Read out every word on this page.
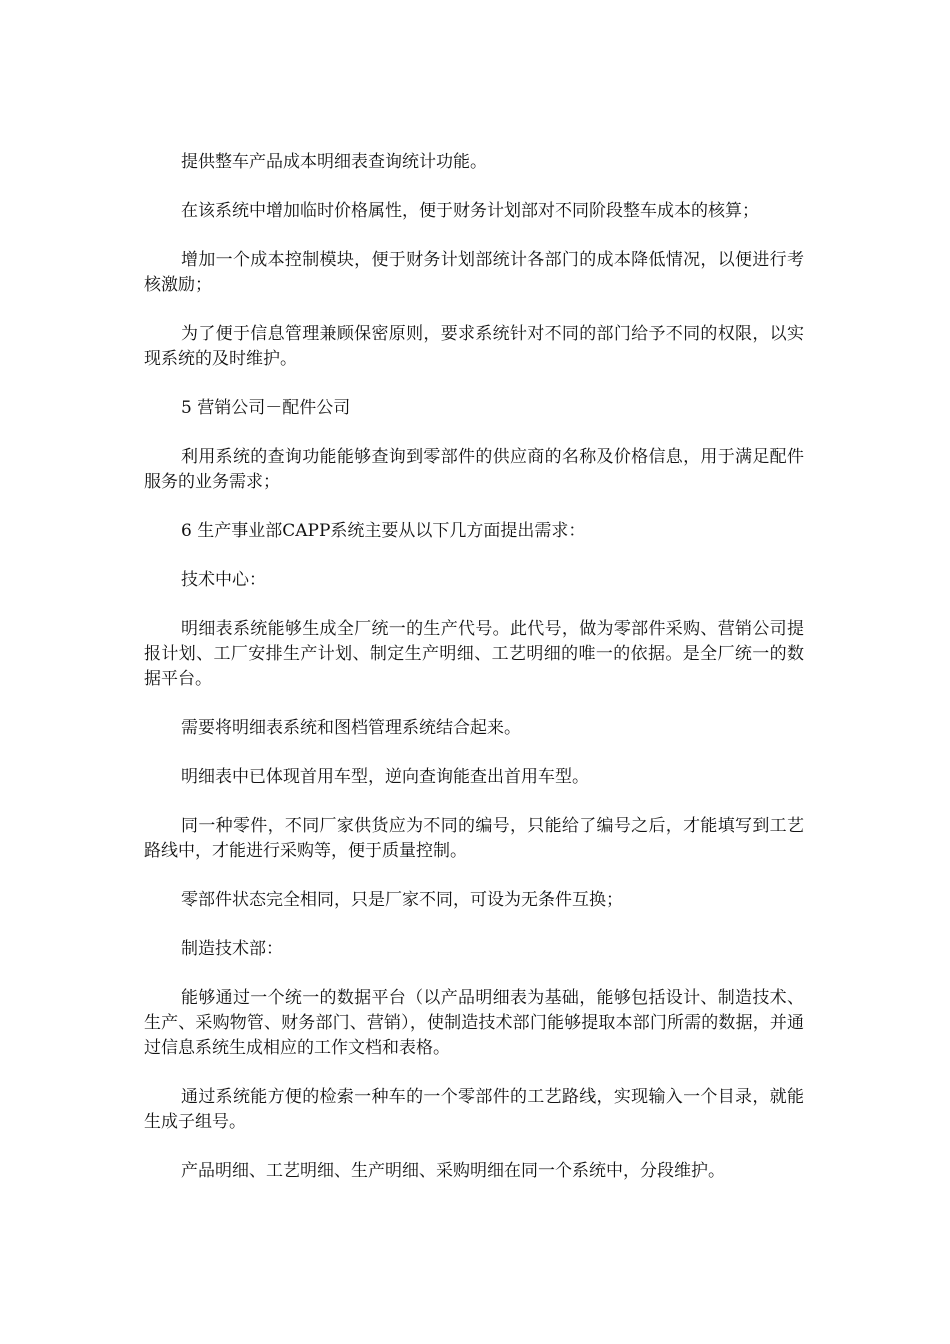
提供整车产品成本明细表查询统计功能。

在该系统中增加临时价格属性，便于财务计划部对不同阶段整车成本的核算；

增加一个成本控制模块，便于财务计划部统计各部门的成本降低情况，以便进行考核激励；

为了便于信息管理兼顾保密原则，要求系统针对不同的部门给予不同的权限，以实现系统的及时维护。

5 营销公司－配件公司

利用系统的查询功能能够查询到零部件的供应商的名称及价格信息，用于满足配件服务的业务需求；

6 生产事业部CAPP系统主要从以下几方面提出需求：

技术中心：

明细表系统能够生成全厂统一的生产代号。此代号，做为零部件采购、营销公司提报计划、工厂安排生产计划、制定生产明细、工艺明细的唯一的依据。是全厂统一的数据平台。

需要将明细表系统和图档管理系统结合起来。

明细表中已体现首用车型，逆向查询能查出首用车型。

同一种零件，不同厂家供货应为不同的编号，只能给了编号之后，才能填写到工艺路线中，才能进行采购等，便于质量控制。

零部件状态完全相同，只是厂家不同，可设为无条件互换；

制造技术部：

能够通过一个统一的数据平台（以产品明细表为基础，能够包括设计、制造技术、生产、采购物管、财务部门、营销），使制造技术部门能够提取本部门所需的数据，并通过信息系统生成相应的工作文档和表格。

通过系统能方便的检索一种车的一个零部件的工艺路线，实现输入一个目录，就能生成子组号。

产品明细、工艺明细、生产明细、采购明细在同一个系统中，分段维护。
